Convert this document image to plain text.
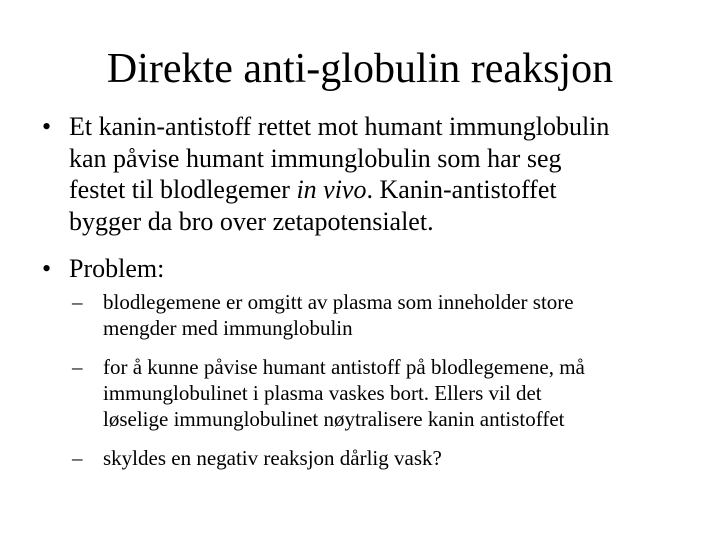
Direkte anti-globulin reaksjon
• Et kanin-antistoff rettet mot humant immunglobulin
kan påvise humant immunglobulin som har seg
festet til blodlegemer in vivo. Kanin-antistoffet
bygger da bro over zetapotensialet.
• Problem:
– blodlegemene er omgitt av plasma som inneholder store
mengder med immunglobulin
– for å kunne påvise humant antistoff på blodlegemene, må
immunglobulinet i plasma vaskes bort. Ellers vil det
løselige immunglobulinet nøytralisere kanin antistoffet
– skyldes en negativ reaksjon dårlig vask?
